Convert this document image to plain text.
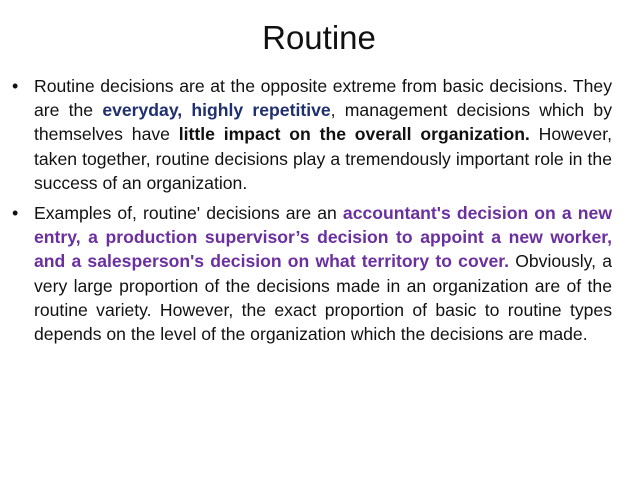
Routine
• Routine decisions are at the opposite extreme from basic decisions. They are the everyday, highly repetitive, management decisions which by themselves have little impact on the overall organization. However, taken together, routine decisions play a tremendously important role in the success of an organization.
• Examples of, routine' decisions are an accountant's decision on a new entry, a production supervisor’s decision to appoint a new worker, and a salesperson's decision on what territory to cover. Obviously, a very large proportion of the decisions made in an organization are of the routine variety. However, the exact proportion of basic to routine types depends on the level of the organization which the decisions are made.
